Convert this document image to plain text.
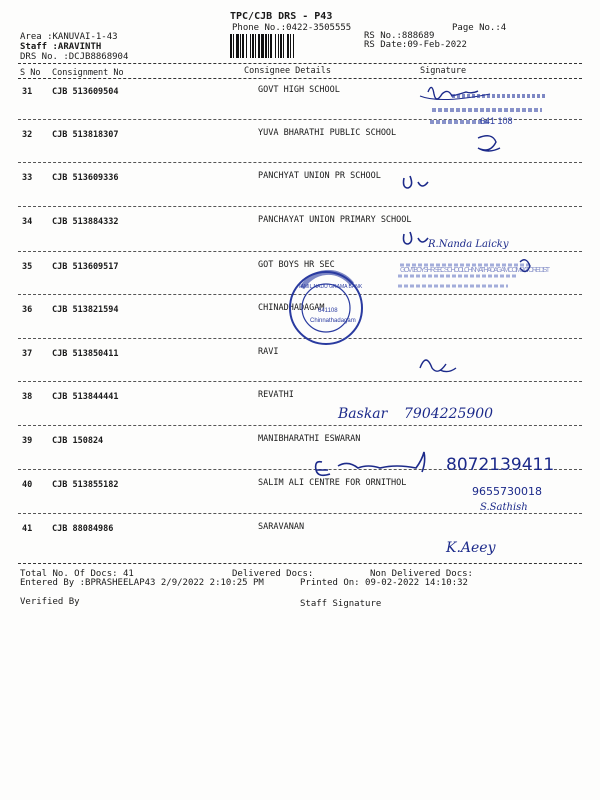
TPC/CJB DRS - P43
Phone No.:0422-3505555	Page No.:4
Area :KANUVAI-1-43
Staff :ARAVINTH
DRS No. :DCJB8868904
RS No.:888689
RS Date:09-Feb-2022
S No Consignment No	Consignee Details	Signature
31 CJB 513609504	GOVT HIGH SCHOOL
32 CJB 513818307	YUVA BHARATHI PUBLIC SCHOOL
33 CJB 513609336	PANCHYAT UNION PR SCHOOL
34 CJB 513884332	PANCHAYAT UNION PRIMARY SCHOOL
35 CJB 513609517	GOT BOYS HR SEC
36 CJB 513821594	CHINADHADAGAM
37 CJB 513850411	RAVI
38 CJB 513844441	REVATHI
39 CJB 150824	MANIBHARATHI ESWARAN
40 CJB 513855182	SALIM ALI CENTRE FOR ORNITHOL
41 CJB 88084986	SARAVANAN
Total No. Of Docs: 41	Delivered Docs:	Non Delivered Docs:
Entered By :BPRASHEELAP43 2/9/2022 2:10:25 PM	Printed On: 09-02-2022 14:10:32
Verified By	Staff Signature
641 108
R.Nanda Laicky
GOVT. BOYS HR SEC SCHOOL CHINNATHADAGAM COIMBATORE DIST
Chinnathadagam
641108
TAMIL NADU GRAMA BANK
Baskar 7904225900
8072139411
9655730018
S.Sathish
K.Aeey
